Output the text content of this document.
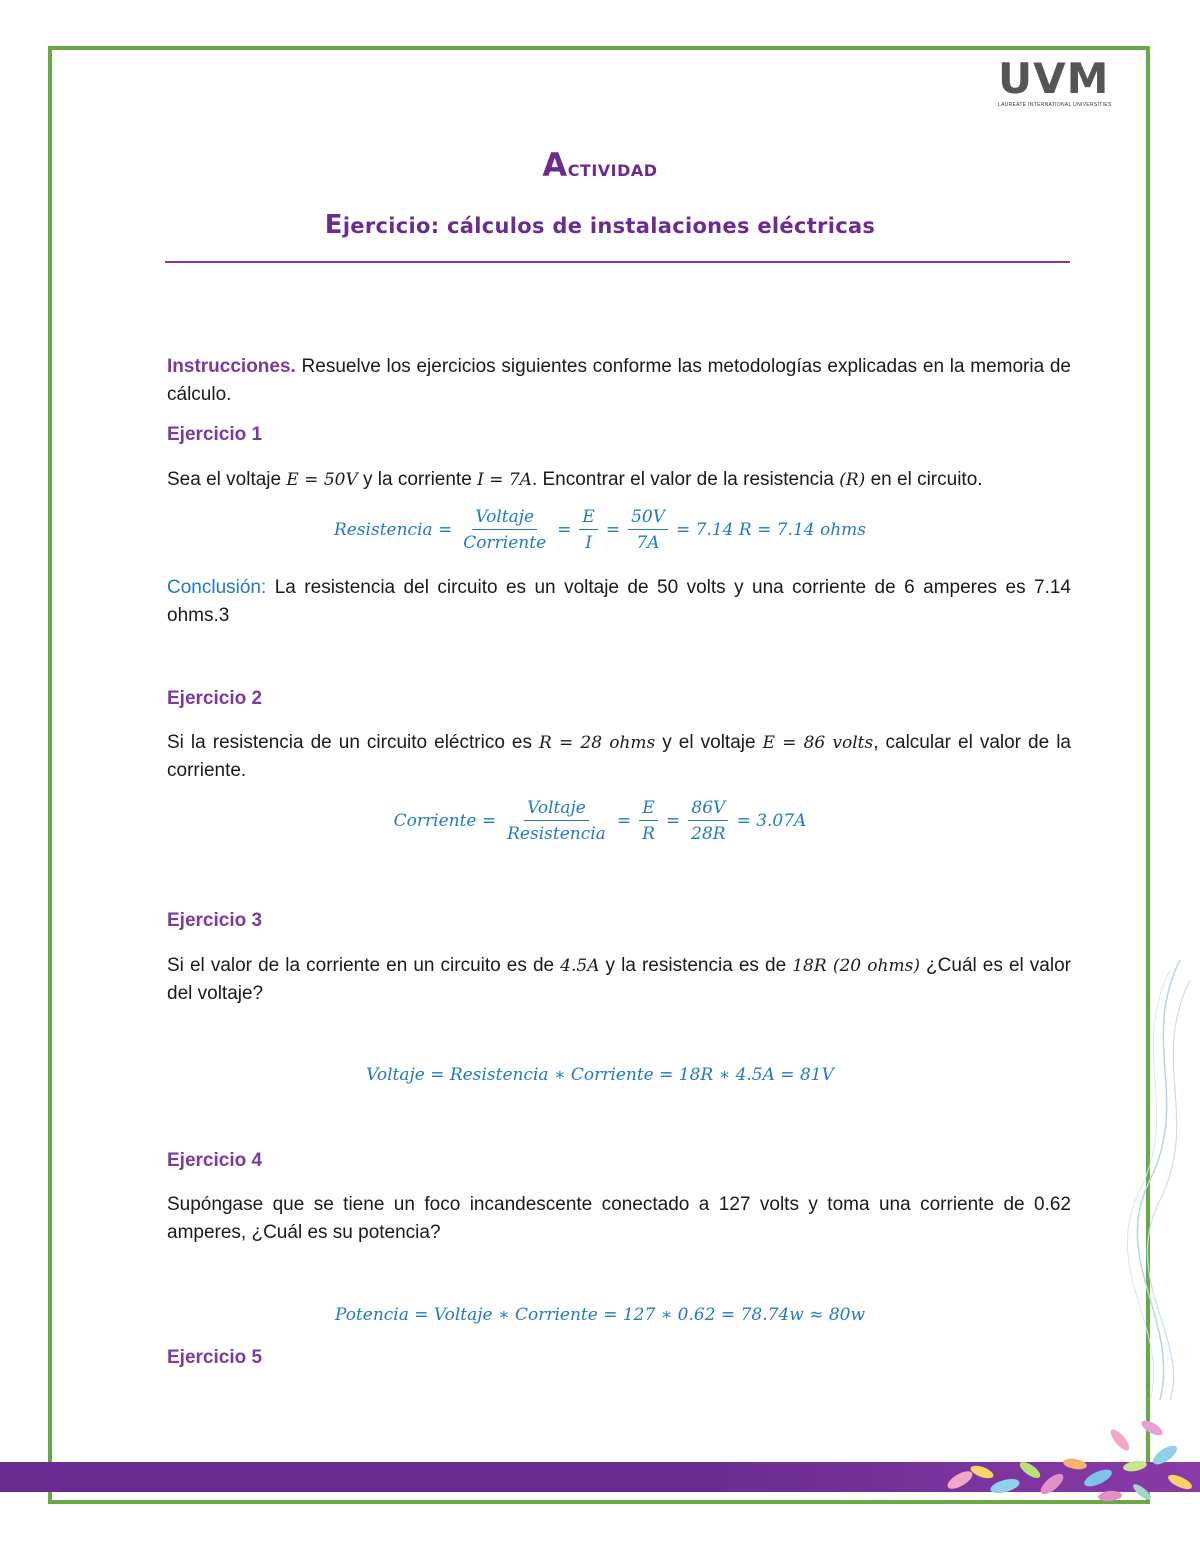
UVM
LAUREATE INTERNATIONAL UNIVERSITIES
Actividad
Ejercicio: cálculos de instalaciones eléctricas
Instrucciones. Resuelve los ejercicios siguientes conforme las metodologías explicadas en la memoria de cálculo.
Ejercicio 1
Sea el voltaje E = 50V y la corriente I = 7A. Encontrar el valor de la resistencia (R) en el circuito.
Resistencia = $\frac{\text{Voltaje}}{\text{Corriente}} = \frac{E}{I} = \frac{50V}{7A} = 7.14$ R = 7.14 ohms
Conclusión: La resistencia del circuito es un voltaje de 50 volts y una corriente de 6 amperes es 7.14 ohms.3
Ejercicio 2
Si la resistencia de un circuito eléctrico es R = 28 ohms y el voltaje E = 86 volts, calcular el valor de la corriente.
Corriente = $\frac{\text{Voltaje}}{\text{Resistencia}} = \frac{E}{R} = \frac{86V}{28R} = 3.07A$
Ejercicio 3
Si el valor de la corriente en un circuito es de 4.5A y la resistencia es de 18R (20 ohms) ¿Cuál es el valor del voltaje?
Voltaje = Resistencia ∗ Corriente = 18R ∗ 4.5A = 81V
Ejercicio 4
Supóngase que se tiene un foco incandescente conectado a 127 volts y toma una corriente de 0.62 amperes, ¿Cuál es su potencia?
Potencia = Voltaje ∗ Corriente = 127 ∗ 0.62 = 78.74w ≈ 80w
Ejercicio 5
